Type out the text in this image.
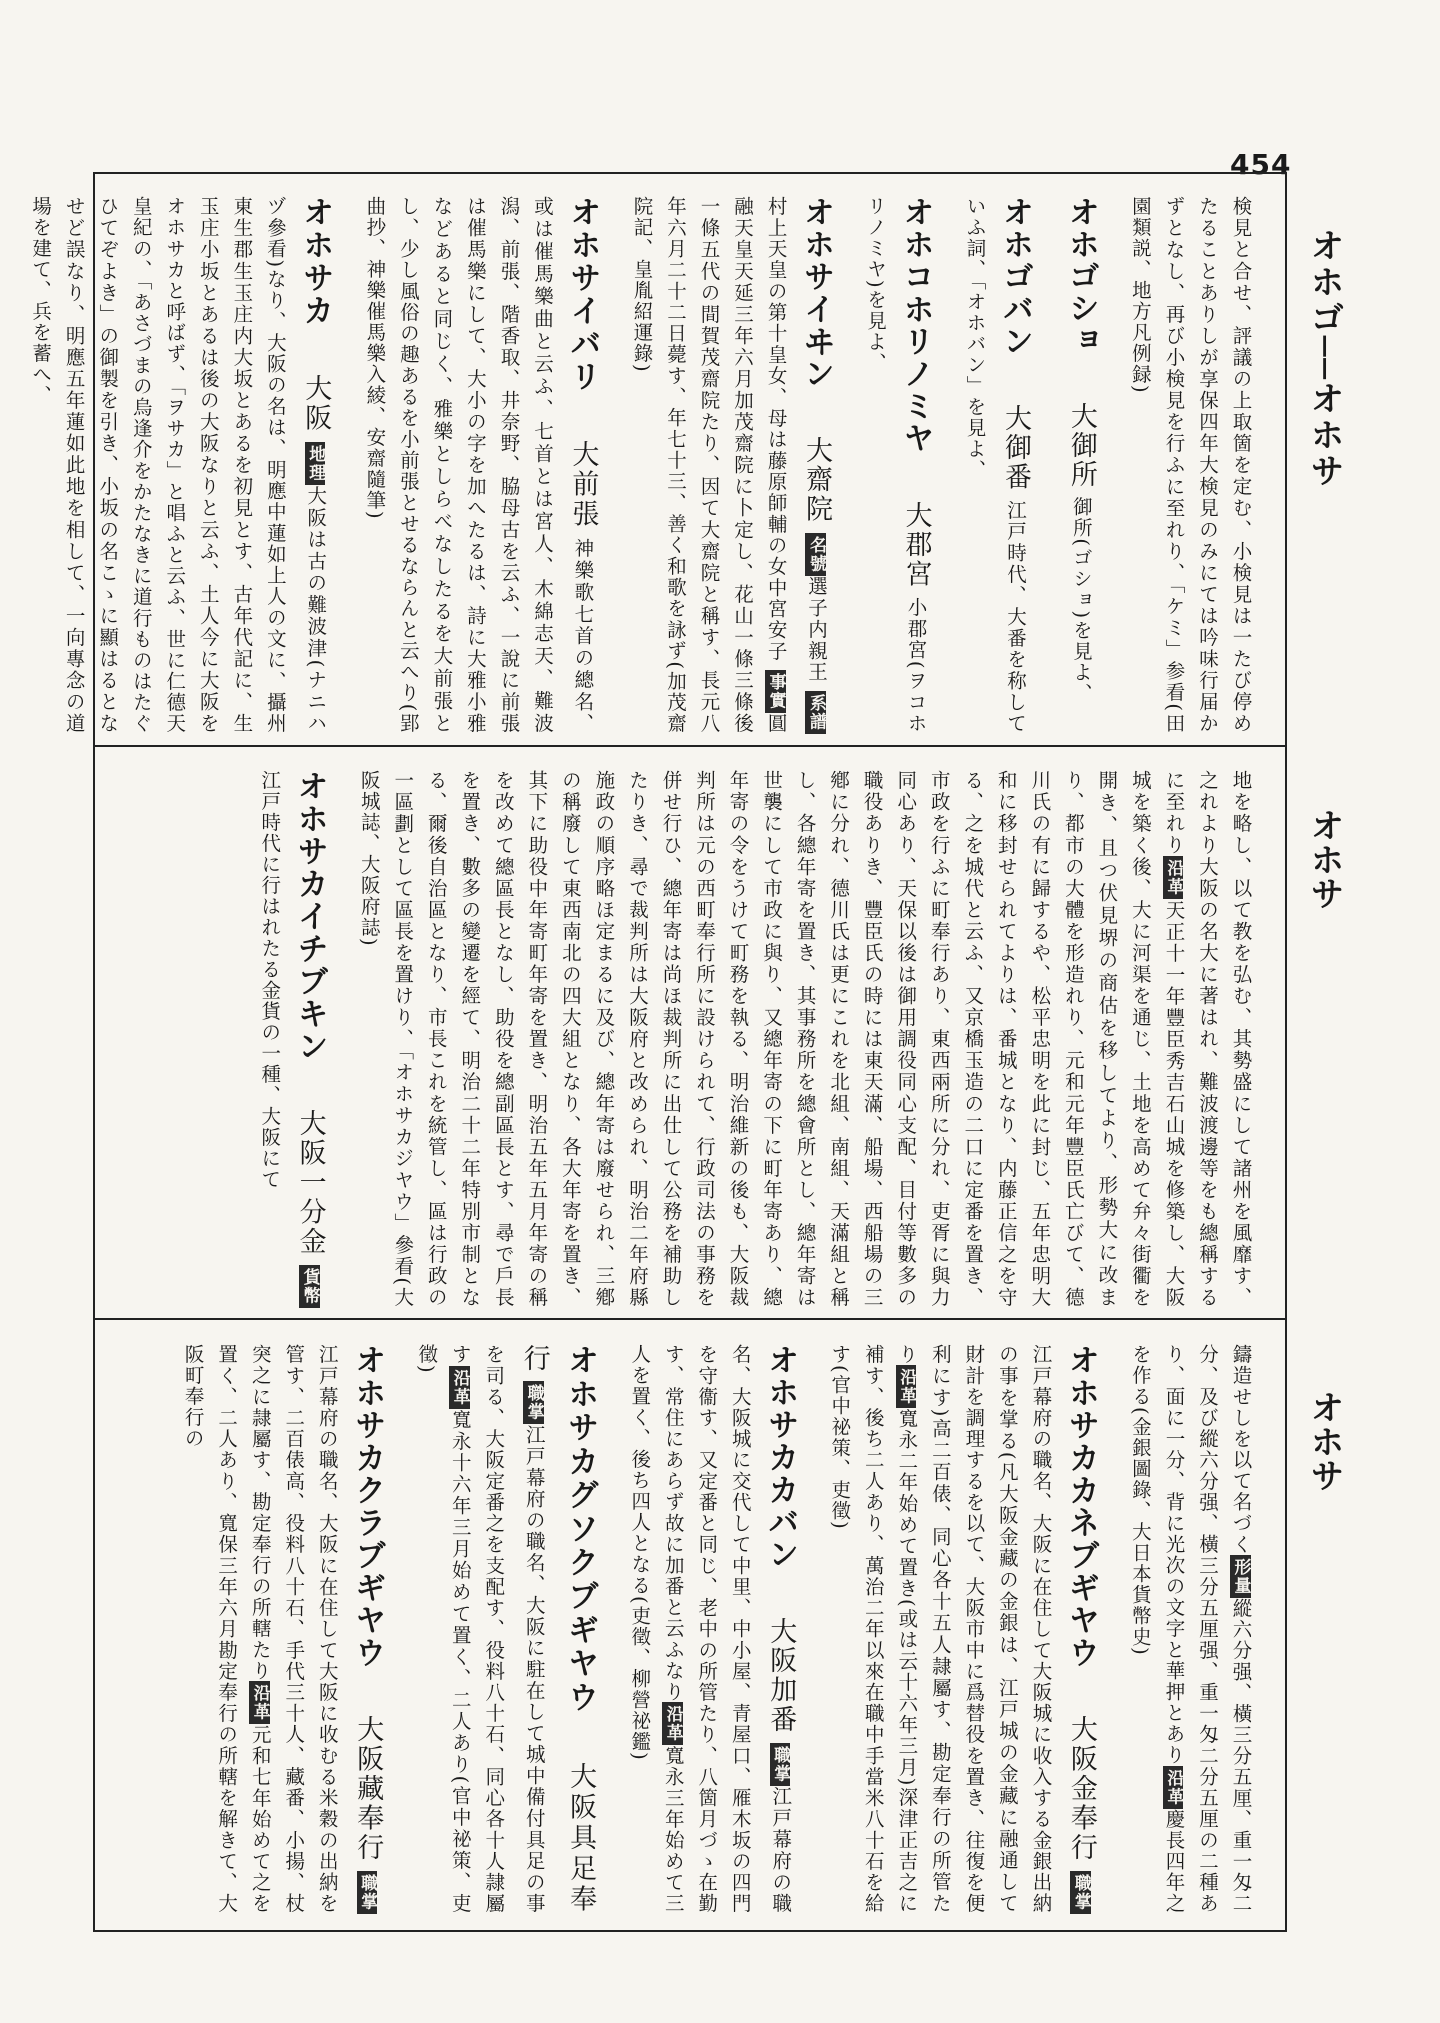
454
オホゴ──オホサ
オホサ
オホサ

検見と合せ、評議の上取箇を定む、小検見は一たび停めたることありしが享保四年大検見のみにては吟味行届かずとなし、再び小検見を行ふに至れり、「ケミ」参看(田園類説、地方凡例録)

オホゴショ 大御所 御所(ゴショ)を見よ、

オホゴバン 大御番 江戸時代、大番を称していふ詞、「オホバン」を見よ、

オホコホリノミヤ 大郡宮 小郡宮(ヲコホリノミヤ)を見よ、

オホサイヰン 大齋院 名號選子内親王 系譜村上天皇の第十皇女、母は藤原師輔の女中宮安子 事實圓融天皇天延三年六月加茂齋院に卜定し、花山一條三條後一條五代の間賀茂齋院たり、因て大齋院と稱す、長元八年六月二十二日薨す、年七十三、善く和歌を詠ず(加茂齋院記、皇胤紹運錄)

オホサイバリ 大前張 神樂歌七首の總名、或は催馬樂曲と云ふ、七首とは宮人、木綿志天、難波潟、前張、階香取、井奈野、脇母古を云ふ、一說に前張は催馬樂にして、大小の字を加へたるは、詩に大雅小雅などあると同じく、雅樂としらべなしたるを大前張とし、少し風俗の趣あるを小前張とせるならんと云へり(郢曲抄、神樂催馬樂入綾、安齋隨筆)

オホサカ 大阪 地理大阪は古の難波津(ナニハヅ參看)なり、大阪の名は、明應中蓮如上人の文に、攝州東生郡生玉庄内大坂とあるを初見とす、古年代記に、生玉庄小坂とあるは後の大阪なりと云ふ、土人今に大阪をオホサカと呼ばず、「ヲサカ」と唱ふと云ふ、世に仁德天皇紀の、「あさづまの烏逢介をかたなきに道行ものはたぐひてぞよき」の御製を引き、小坂の名こゝに顯はるとなせど誤なり、明應五年蓮如此地を相して、一向專念の道場を建て、兵を蓄へ、

地を略し、以て教を弘む、其勢盛にして諸州を風靡す、之れより大阪の名大に著はれ、難波渡邊等をも總稱するに至れり沿革天正十一年豐臣秀吉石山城を修築し、大阪城を築く後、大に河渠を通じ、土地を高めて弁々街衢を開き、且つ伏見堺の商估を移してより、形勢大に改まり、都市の大體を形造れり、元和元年豐臣氏亡びて、德川氏の有に歸するや、松平忠明を此に封じ、五年忠明大和に移封せられてよりは、番城となり、内藤正信之を守る、之を城代と云ふ、又京橋玉造の二口に定番を置き、市政を行ふに町奉行あり、東西兩所に分れ、吏胥に與力同心あり、天保以後は御用調役同心支配、目付等數多の職役ありき、豐臣氏の時には東天滿、船場、西船場の三鄕に分れ、德川氏は更にこれを北組、南組、天滿組と稱し、各總年寄を置き、其事務所を總會所とし、總年寄は世襲にして市政に與り、又總年寄の下に町年寄あり、總年寄の令をうけて町務を執る、明治維新の後も、大阪裁判所は元の西町奉行所に設けられて、行政司法の事務を併せ行ひ、總年寄は尚ほ裁判所に出仕して公務を補助したりき、尋で裁判所は大阪府と改められ、明治二年府縣施政の順序略ほ定まるに及び、總年寄は廢せられ、三鄕の稱廢して東西南北の四大組となり、各大年寄を置き、其下に助役中年寄町年寄を置き、明治五年五月年寄の稱を改めて總區長となし、助役を總副區長とす、尋で戶長を置き、數多の變遷を經て、明治二十二年特別市制となる、爾後自治區となり、市長これを統管し、區は行政の一區劃として區長を置けり、「オホサカジヤウ」參看(大阪城誌、大阪府誌)

オホサカイチブキン 大阪一分金 貨幣江戸時代に行はれたる金貨の一種、大阪にて

鑄造せしを以て名づく形量縱六分强、橫三分五厘、重一匁二分、及び縱六分强、橫三分五厘强、重一匁二分五厘の二種あり、面に一分、背に光次の文字と華押とあり沿革慶長四年之を作る(金銀圖錄、大日本貨幣史)

オホサカカネブギヤウ 大阪金奉行 職掌江戸幕府の職名、大阪に在住して大阪城に收入する金銀出納の事を掌る(凡大阪金藏の金銀は、江戸城の金藏に融通して財計を調理するを以て、大阪市中に爲替役を置き、往復を便利にす)高二百俵、同心各十五人隷屬す、勘定奉行の所管たり沿革寬永二年始めて置き(或は云十六年三月)深津正吉之に補す、後ち二人あり、萬治二年以來在職中手當米八十石を給す(官中祕策、吏徵)

オホサカカバン 大阪加番 職掌江戸幕府の職名、大阪城に交代して中里、中小屋、青屋口、雁木坂の四門を守衞す、又定番と同じ、老中の所管たり、八箇月づゝ在勤す、常住にあらず故に加番と云ふなり沿革寬永三年始めて三人を置く、後ち四人となる(吏徵、柳營祕鑑)

オホサカグソクブギヤウ 大阪具足奉行 職掌江戸幕府の職名、大阪に駐在して城中備付具足の事を司る、大阪定番之を支配す、役料八十石、同心各十人隷屬す沿革寬永十六年三月始めて置く、二人あり(官中祕策、吏徵)

オホサカクラブギヤウ 大阪藏奉行 職掌江戸幕府の職名、大阪に在住して大阪に收むる米穀の出納を管す、二百俵高、役料八十石、手代三十人、藏番、小揚、杖突之に隷屬す、勘定奉行の所轄たり沿革元和七年始めて之を置く、二人あり、寬保三年六月勘定奉行の所轄を解きて、大阪町奉行の
